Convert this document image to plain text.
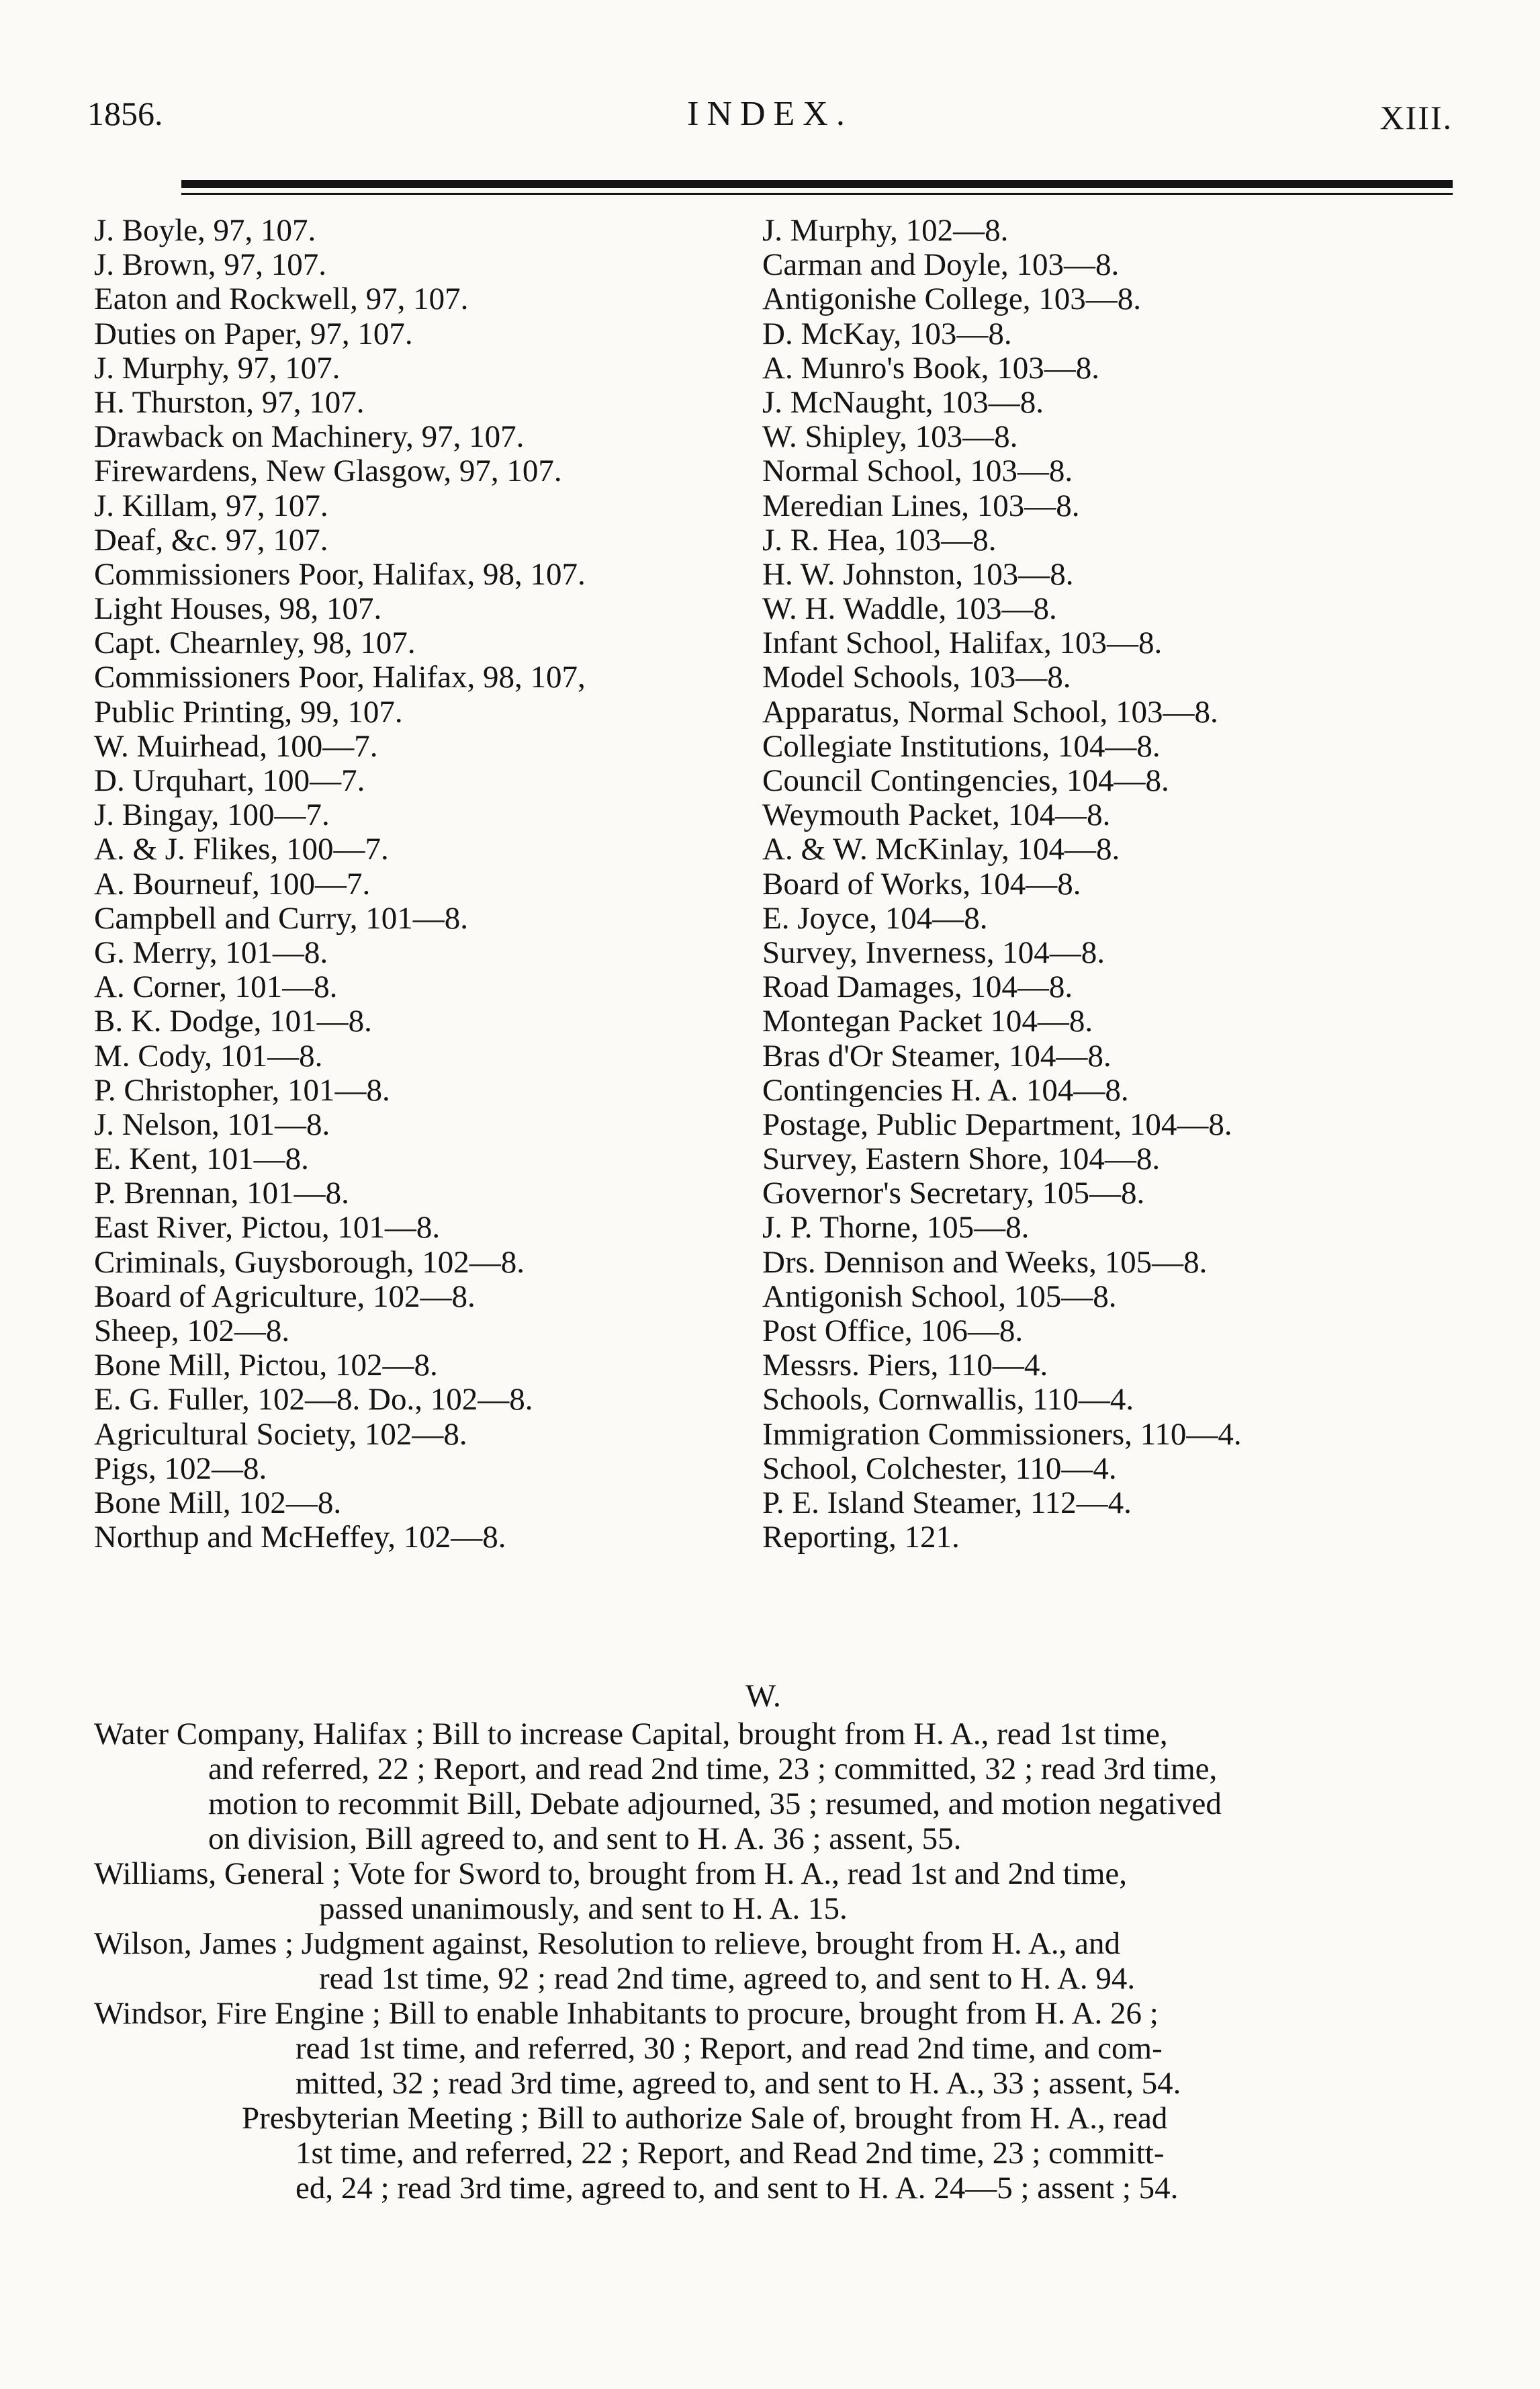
1856.	INDEX.	XIII.
J. Boyle, 97, 107.
J. Brown, 97, 107.
Eaton and Rockwell, 97, 107.
Duties on Paper, 97, 107.
J. Murphy, 97, 107.
H. Thurston, 97, 107.
Drawback on Machinery, 97, 107.
Firewardens, New Glasgow, 97, 107.
J. Killam, 97, 107.
Deaf, &c. 97, 107.
Commissioners Poor, Halifax, 98, 107.
Light Houses, 98, 107.
Capt. Chearnley, 98, 107.
Commissioners Poor, Halifax, 98, 107,
Public Printing, 99, 107.
W. Muirhead, 100—7.
D. Urquhart, 100—7.
J. Bingay, 100—7.
A. & J. Flikes, 100—7.
A. Bourneuf, 100—7.
Campbell and Curry, 101—8.
G. Merry, 101—8.
A. Corner, 101—8.
B. K. Dodge, 101—8.
M. Cody, 101—8.
P. Christopher, 101—8.
J. Nelson, 101—8.
E. Kent, 101—8.
P. Brennan, 101—8.
East River, Pictou, 101—8.
Criminals, Guysborough, 102—8.
Board of Agriculture, 102—8.
Sheep, 102—8.
Bone Mill, Pictou, 102—8.
E. G. Fuller, 102—8. Do., 102—8.
Agricultural Society, 102—8.
Pigs, 102—8.
Bone Mill, 102—8.
Northup and McHeffey, 102—8.
J. Murphy, 102—8.
Carman and Doyle, 103—8.
Antigonishe College, 103—8.
D. McKay, 103—8.
A. Munro's Book, 103—8.
J. McNaught, 103—8.
W. Shipley, 103—8.
Normal School, 103—8.
Meredian Lines, 103—8.
J. R. Hea, 103—8.
H. W. Johnston, 103—8.
W. H. Waddle, 103—8.
Infant School, Halifax, 103—8.
Model Schools, 103—8.
Apparatus, Normal School, 103—8.
Collegiate Institutions, 104—8.
Council Contingencies, 104—8.
Weymouth Packet, 104—8.
A. & W. McKinlay, 104—8.
Board of Works, 104—8.
E. Joyce, 104—8.
Survey, Inverness, 104—8.
Road Damages, 104—8.
Montegan Packet 104—8.
Bras d'Or Steamer, 104—8.
Contingencies H. A. 104—8.
Postage, Public Department, 104—8.
Survey, Eastern Shore, 104—8.
Governor's Secretary, 105—8.
J. P. Thorne, 105—8.
Drs. Dennison and Weeks, 105—8.
Antigonish School, 105—8.
Post Office, 106—8.
Messrs. Piers, 110—4.
Schools, Cornwallis, 110—4.
Immigration Commissioners, 110—4.
School, Colchester, 110—4.
P. E. Island Steamer, 112—4.
Reporting, 121.
W.
Water Company, Halifax ; Bill to increase Capital, brought from H. A., read 1st time,
and referred, 22 ; Report, and read 2nd time, 23 ; committed, 32 ; read 3rd time,
motion to recommit Bill, Debate adjourned, 35 ; resumed, and motion negatived
on division, Bill agreed to, and sent to H. A. 36 ; assent, 55.
Williams, General ; Vote for Sword to, brought from H. A., read 1st and 2nd time,
passed unanimously, and sent to H. A. 15.
Wilson, James ; Judgment against, Resolution to relieve, brought from H. A., and
read 1st time, 92 ; read 2nd time, agreed to, and sent to H. A. 94.
Windsor, Fire Engine ; Bill to enable Inhabitants to procure, brought from H. A. 26 ;
read 1st time, and referred, 30 ; Report, and read 2nd time, and com-
mitted, 32 ; read 3rd time, agreed to, and sent to H. A., 33 ; assent, 54.
Presbyterian Meeting ; Bill to authorize Sale of, brought from H. A., read
1st time, and referred, 22 ; Report, and Read 2nd time, 23 ; committ-
ed, 24 ; read 3rd time, agreed to, and sent to H. A. 24—5 ; assent ; 54.
